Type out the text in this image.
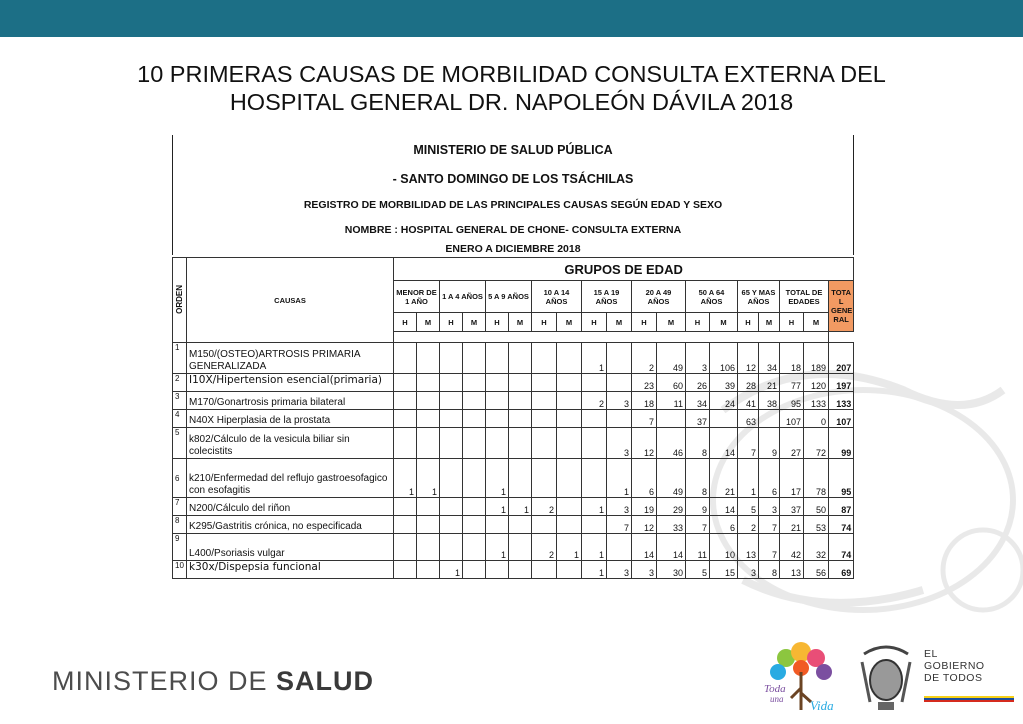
10 PRIMERAS CAUSAS DE MORBILIDAD CONSULTA EXTERNA DEL
HOSPITAL GENERAL DR. NAPOLEÓN DÁVILA 2018
MINISTERIO DE SALUD PÚBLICA
- SANTO DOMINGO DE LOS TSÁCHILAS
REGISTRO DE MORBILIDAD DE LAS PRINCIPALES CAUSAS SEGÚN EDAD Y SEXO
NOMBRE : HOSPITAL GENERAL DE CHONE- CONSULTA EXTERNA
ENERO A DICIEMBRE 2018
ORDEN	CAUSAS	GRUPOS DE EDAD																		
		MENOR DE 1 AÑO		1 A 4 AÑOS		5 A 9 AÑOS		10 A 14 AÑOS		15 A 19 AÑOS		20 A 49 AÑOS		50 A 64 AÑOS		65 Y MAS AÑOS		TOTAL DE EDADES		TOTA L GENE RAL
		H	M	H	M	H	M	H	M	H	M	H	M	H	M	H	M	H	M	

1	M150/(OSTEO)ARTROSIS PRIMARIA GENERALIZADA									1		2	49	3	106	12	34	18	189	207
2	I10X/Hipertension esencial(primaria)											23	60	26	39	28	21	77	120	197
3	M170/Gonartrosis primaria bilateral									2	3	18	11	34	24	41	38	95	133	133
4	N40X Hiperplasia de la prostata											7		37		63		107	0	107
5	k802/Cálculo de la vesicula biliar sin colecistits										3	12	46	8	14	7	9	27	72	99
6	k210/Enfermedad del reflujo gastroesofagico con esofagitis	1	1			1					1	6	49	8	21	1	6	17	78	95
7	N200/Cálculo del riñon					1	1	2		1	3	19	29	9	14	5	3	37	50	87
8	K295/Gastritis crónica, no especificada										7	12	33	7	6	2	7	21	53	74
9	L400/Psoriasis vulgar					1		2	1	1		14	14	11	10	13	7	42	32	74
10	k30x/Dispepsia funcional			1						1	3	3	30	5	15	3	8	13	56	69
MINISTERIO DE SALUD	Toda
una Vida
EL
GOBIERNO
DE TODOS
